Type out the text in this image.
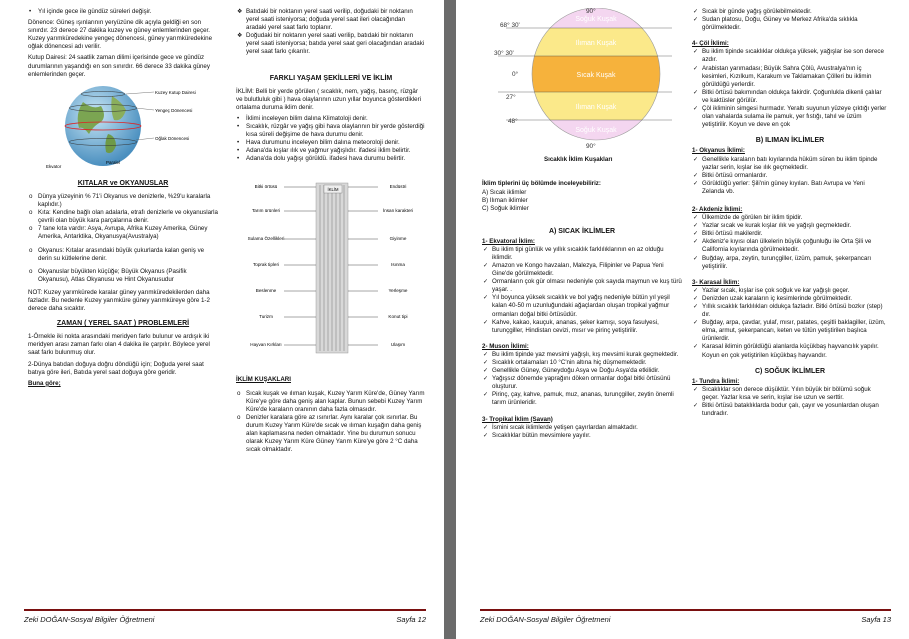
• Yıl içinde gece ile gündüz süreleri değişir.

Dönence: Güneş ışınlarının yeryüzüne dik açıyla geldiği en son sınırdır. 23 derece 27 dakika kuzey ve güney enlemlerinden geçer. Kuzey yarımküredekine yengeç dönencesi, güney yarımküredekine oğlak dönencesi adı verilir.

Kutup Dairesi: 24 saatlik zaman dilimi içerisinde gece ve gündüz durumlarının yaşandığı en son sınırdır. 66 derece 33 dakika güney enlemlerinden geçer.

Kuzey Kutup Dairesi
Yengeç Dönencesi
Oğlak Dönencesi
Ekvator
Paralel
KITALAR ve OKYANUSLAR
o Dünya yüzeyinin % 71'i Okyanus ve denizlerle, %29'u karalarla kaplıdır.)
o Kıta: Kendine bağlı olan adalarla, etrafı denizlerle ve okyanuslarla çevrili olan büyük kara parçalarına denir.
o 7 tane kıta vardır: Asya, Avrupa, Afrika Kuzey Amerika, Güney Amerika, Antarktika, Okyanusya(Avustralya)
o Okyanus: Kıtalar arasındaki büyük çukurlarda kalan geniş ve derin su kütlelerine denir.
o Okyanuslar büyükten küçüğe; Büyük Okyanus (Pasifik Okyanusu), Atlas Okyanusu ve Hint Okyanusudur

NOT: Kuzey yarımkürede karalar güney yarımküredekilerden daha fazladır. Bu nedenle Kuzey yarımküre güney yarımküreye göre 1-2 derece daha sıcaktır.

ZAMAN ( YEREL SAAT ) PROBLEMLERİ

1-Örnekle iki nokta arasındaki meridyen farkı bulunur ve ardışık iki meridyen arası zaman farkı olan 4 dakika ile çarpılır. Böylece yerel saat farkı bulunmuş olur.

2-Dünya batıdan doğuya doğru döndüğü için; Doğuda yerel saat batıya göre ileri, Batıda yerel saat doğuya göre geridir.

Buna göre;

❖ Batıdaki bir noktanın yerel saati verilip, doğudaki bir noktanın yerel saati isteniyorsa; doğuda yerel saat ileri olacağından aradaki yerel saat farkı toplanır.
❖ Doğudaki bir noktanın yerel saati verilip, batıdaki bir noktanın yerel saati isteniyorsa; batıda yerel saat geri olacağından aradaki yerel saat farkı çıkarılır.
FARKLI YAŞAM ŞEKİLLERİ VE İKLİM

İKLİM: Belli bir yerde görülen ( sıcaklık, nem, yağış, basınç, rüzgâr ve bulutluluk gibi ) hava olaylarının uzun yıllar boyunca gösterdikleri ortalama duruma iklim denir.

• İklimi inceleyen bilim dalına Klimatoloji denir.
• Sıcaklık, rüzgâr ve yağış gibi hava olaylarının bir yerde gösterdiği kısa süreli değişime de hava durumu denir.
• Hava durumunu inceleyen bilim dalına meteoroloji denir.
• Adana'da kışlar ılık ve yağmur yağışlıdır. ifadesi iklim belirtir.
• Adana'da dolu yağışı görüldü. ifadesi hava durumu belirtir.
İKLİM
Bitki örtüsü
Tarım ürünleri
Sulama Özellikleri
Toprak tipleri
Beslenme
Turizm
Hayvan Kırkları
Endüstri
İnsan karakteri
Giyinme
Isınma
Yerleşme
Konut tipi
Ulaşım
İKLİM KUŞAKLARI
o Sıcak kuşak ve ılıman kuşak, Kuzey Yarım Küre'de, Güney Yarım Küre'ye göre daha geniş alan kaplar. Bunun sebebi Kuzey Yarım Küre'de karaların oranının daha fazla olmasıdır.
o Denizler karalara göre az ısınırlar. Aynı karalar çok ısınırlar. Bu durum Kuzey Yarım Küre'de sıcak ve ılıman kuşağın daha geniş alan kaplamasına neden olmaktadır. Yine bu durumun sonucu olarak Kuzey Yarım Küre Güney Yarım Küre'ye göre 2 °C daha sıcak olmaktadır.
Zeki DOĞAN-Sosyal Bilgiler Öğretmeni	Sayfa 12
90°
68° 30'
30° 30'
0°
27°
48°
90°
Soğuk Kuşak
Ilıman Kuşak
Sıcak Kuşak
Ilıman Kuşak
Soğuk Kuşak
Sıcaklık İklim Kuşakları

İklim tiplerini üç bölümde inceleyebiliriz:

A) Sıcak iklimler

B) Ilıman iklimler

C) Soğuk iklimler

A) SICAK İKLİMLER

1- Ekvatoral İklim:

✓ Bu iklim tipi günlük ve yıllık sıcaklık farklılıklarının en az olduğu iklimdir.
✓ Amazon ve Kongo havzaları, Malezya, Filipinler ve Papua Yeni Gine'de görülmektedir.
✓ Ormanların çok gür olması nedeniyle çok sayıda maymun ve kuş türü yaşar. .
✓ Yıl boyunca yüksek sıcaklık ve bol yağış nedeniyle bütün yıl yeşil kalan 40-50 m uzunluğundaki ağaçlardan oluşan tropikal yağmur ormanları doğal bitki örtüsüdür.
✓ Kahve, kakao, kauçuk, ananas, şeker kamışı, soya fasulyesi, turunçgiller, Hindistan cevizi, mısır ve pirinç yetiştirilir.

2- Muson İklimi:

✓ Bu iklim tipinde yaz mevsimi yağışlı, kış mevsimi kurak geçmektedir.
✓ Sıcaklık ortalamaları 10 °C'nin altına hiç düşmemektedir.
✓ Genellikle Güney, Güneydoğu Asya ve Doğu Asya'da etkilidir.
✓ Yağışsız dönemde yaprağını döken ormanlar doğal bitki örtüsünü oluşturur.
✓ Pirinç, çay, kahve, pamuk, muz, ananas, turunçgiller, zeytin önemli tarım ürünleridir.

3- Tropikal İklim (Savan)

✓ İsmini sıcak iklimlerde yetişen çayırlardan almaktadır.
✓ Sıcaklıklar bütün mevsimlere yayılır.
✓ Sıcak bir günde yağış görülebilmektedir.
✓ Sudan platosu, Doğu, Güney ve Merkez Afrika'da sıklıkla görülmektedir.

4- Çöl İklimi:

✓ Bu iklim tipinde sıcaklıklar oldukça yüksek, yağışlar ise son derece azdır.
✓ Arabistan yarımadası; Büyük Sahra Çölü, Avustralya'nın iç kesimleri, Kızılkum, Karakum ve Taklamakan Çölleri bu iklimin görüldüğü yerlerdir.
✓ Bitki örtüsü bakımından oldukça fakirdir. Çoğunlukla dikenli çalılar ve kaktüsler görülür.
✓ Çöl ikliminin simgesi hurmadır. Yeraltı suyunun yüzeye çıktığı yerler olan vahalarda sulama ile pamuk, yer fıstığı, tahıl ve üzüm yetiştirilir. Koyun ve deve en çok
B) ILIMAN İKLİMLER

1- Okyanus İklimi:

✓ Genellikle karaların batı kıyılarında hüküm süren bu iklim tipinde yazlar serin, kışlar ise ılık geçmektedir.
✓ Bitki örtüsü ormanlardır.
✓ Görüldüğü yerler: Şili'nin güney kıyıları. Batı Avrupa ve Yeni Zelanda vb.

2- Akdeniz İklimi:

✓ Ülkemizde de görülen bir iklim tipidir.
✓ Yazlar sıcak ve kurak kışlar ılık ve yağışlı geçmektedir.
✓ Bitki örtüsü makilerdir.
✓ Akdeniz'e kıyısı olan ülkelerin büyük çoğunluğu ile Orta Şili ve California kıyılarında görülmektedir.
✓ Buğday, arpa, zeytin, turunçgiller, üzüm, pamuk, şekerpancarı yetiştirilir.

3- Karasal İklim:

✓ Yazlar sıcak, kışlar ise çok soğuk ve kar yağışlı geçer.
✓ Denizden uzak karaların iç kesimlerinde görülmektedir.
✓ Yıllık sıcaklık farklılıkları oldukça fazladır. Bitki örtüsü bozkır (step) dır.
✓ Buğday, arpa, çavdar, yulaf, mısır, patates, çeşitli baklagiller, üzüm, elma, armut, şekerpancarı, keten ve tütün yetiştirilen başlıca ürünlerdir.
✓ Karasal iklimin görüldüğü alanlarda küçükbaş hayvancılık yapılır. Koyun en çok yetiştirilen küçükbaş hayvandır.
C) SOĞUK İKLİMLER

1- Tundra İklimi:

✓ Sıcaklıklar son derece düşüktür. Yılın büyük bir bölümü soğuk geçer. Yazlar kısa ve serin, kışlar ise uzun ve serttir.
✓ Bitki örtüsü bataklıklarda bodur çalı, çayır ve yosunlardan oluşan tundradır.
Zeki DOĞAN-Sosyal Bilgiler Öğretmeni	Sayfa 13
